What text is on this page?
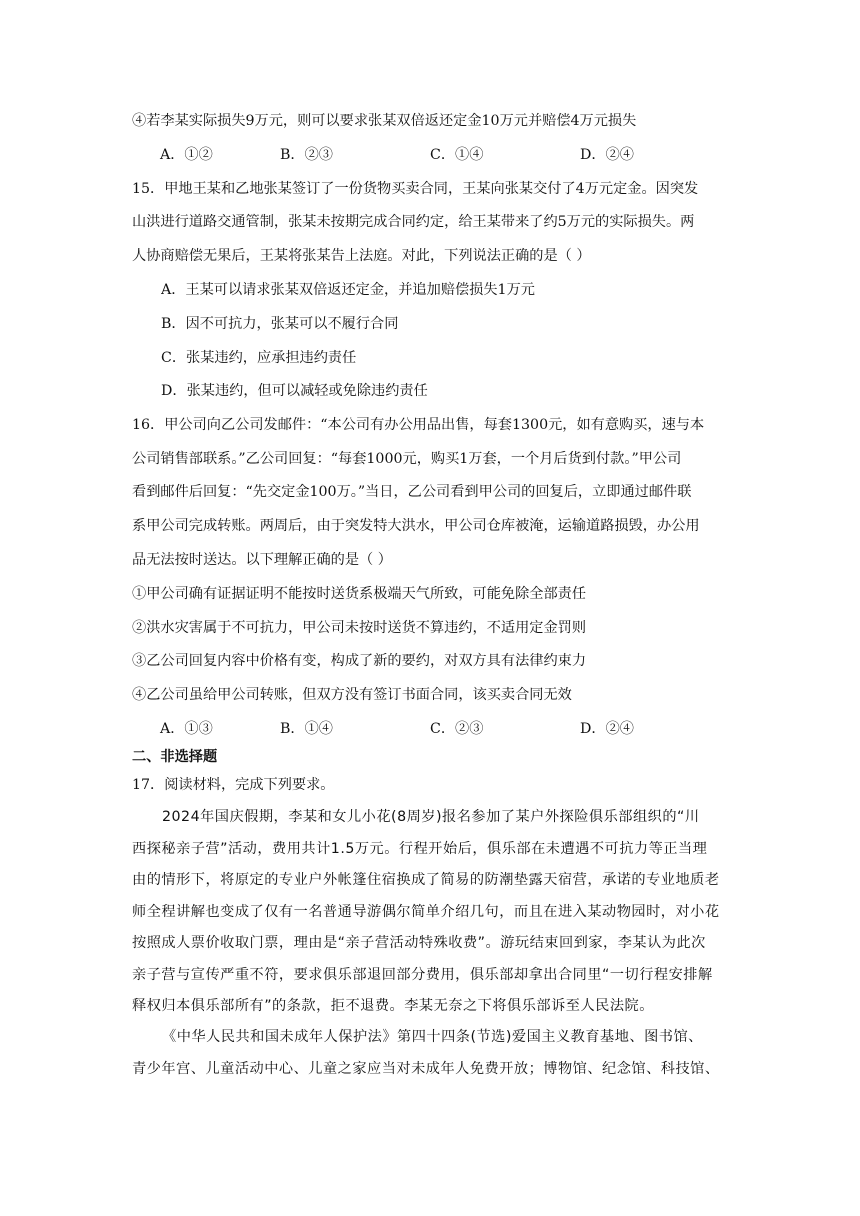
④若李某实际损失9万元，则可以要求张某双倍返还定金10万元并赔偿4万元损失
A．①②	B．②③	C．①④	D．②④
15．甲地王某和乙地张某签订了一份货物买卖合同，王某向张某交付了4万元定金。因突发
山洪进行道路交通管制，张某未按期完成合同约定，给王某带来了约5万元的实际损失。两
人协商赔偿无果后，王某将张某告上法庭。对此，下列说法正确的是（ ）
A．王某可以请求张某双倍返还定金，并追加赔偿损失1万元
B．因不可抗力，张某可以不履行合同
C．张某违约，应承担违约责任
D．张某违约，但可以减轻或免除违约责任
16．甲公司向乙公司发邮件：“本公司有办公用品出售，每套1300元，如有意购买，速与本
公司销售部联系。”乙公司回复：“每套1000元，购买1万套，一个月后货到付款。”甲公司
看到邮件后回复：“先交定金100万。”当日，乙公司看到甲公司的回复后，立即通过邮件联
系甲公司完成转账。两周后，由于突发特大洪水，甲公司仓库被淹，运输道路损毁，办公用
品无法按时送达。以下理解正确的是（ ）
①甲公司确有证据证明不能按时送货系极端天气所致，可能免除全部责任
②洪水灾害属于不可抗力，甲公司未按时送货不算违约，不适用定金罚则
③乙公司回复内容中价格有变，构成了新的要约，对双方具有法律约束力
④乙公司虽给甲公司转账，但双方没有签订书面合同，该买卖合同无效
A．①③	B．①④	C．②③	D．②④
二、非选择题
17．阅读材料，完成下列要求。
2024年国庆假期，李某和女儿小花(8周岁)报名参加了某户外探险俱乐部组织的“川
西探秘亲子营”活动，费用共计1.5万元。行程开始后，俱乐部在未遭遇不可抗力等正当理
由的情形下，将原定的专业户外帐篷住宿换成了简易的防潮垫露天宿营，承诺的专业地质老
师全程讲解也变成了仅有一名普通导游偶尔简单介绍几句，而且在进入某动物园时，对小花
按照成人票价收取门票，理由是“亲子营活动特殊收费”。游玩结束回到家，李某认为此次
亲子营与宣传严重不符，要求俱乐部退回部分费用，俱乐部却拿出合同里“一切行程安排解
释权归本俱乐部所有”的条款，拒不退费。李某无奈之下将俱乐部诉至人民法院。
《中华人民共和国未成年人保护法》第四十四条(节选)爱国主义教育基地、图书馆、
青少年宫、儿童活动中心、儿童之家应当对未成年人免费开放；博物馆、纪念馆、科技馆、
